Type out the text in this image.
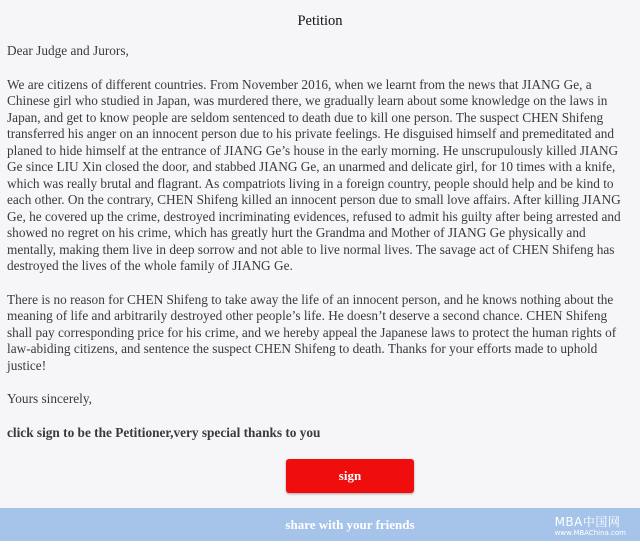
Petition

Dear Judge and Jurors,

We are citizens of different countries. From November 2016, when we learnt from the news that JIANG Ge, a Chinese girl who studied in Japan, was murdered there, we gradually learn about some knowledge on the laws in Japan, and get to know people are seldom sentenced to death due to kill one person. The suspect CHEN Shifeng transferred his anger on an innocent person due to his private feelings. He disguised himself and premeditated and planed to hide himself at the entrance of JIANG Ge’s house in the early morning. He unscrupulously killed JIANG Ge since LIU Xin closed the door, and stabbed JIANG Ge, an unarmed and delicate girl, for 10 times with a knife, which was really brutal and flagrant. As compatriots living in a foreign country, people should help and be kind to each other. On the contrary, CHEN Shifeng killed an innocent person due to small love affairs. After killing JIANG Ge, he covered up the crime, destroyed incriminating evidences, refused to admit his guilty after being arrested and showed no regret on his crime, which has greatly hurt the Grandma and Mother of JIANG Ge physically and mentally, making them live in deep sorrow and not able to live normal lives. The savage act of CHEN Shifeng has destroyed the lives of the whole family of JIANG Ge.

There is no reason for CHEN Shifeng to take away the life of an innocent person, and he knows nothing about the meaning of life and arbitrarily destroyed other people’s life. He doesn’t deserve a second chance. CHEN Shifeng shall pay corresponding price for his crime, and we hereby appeal the Japanese laws to protect the human rights of law-abiding citizens, and sentence the suspect CHEN Shifeng to death. Thanks for your efforts made to uphold justice!

Yours sincerely,

click sign to be the Petitioner,very special thanks to you

sign
share with your friends	MBA中国网
www.MBAChina.com
